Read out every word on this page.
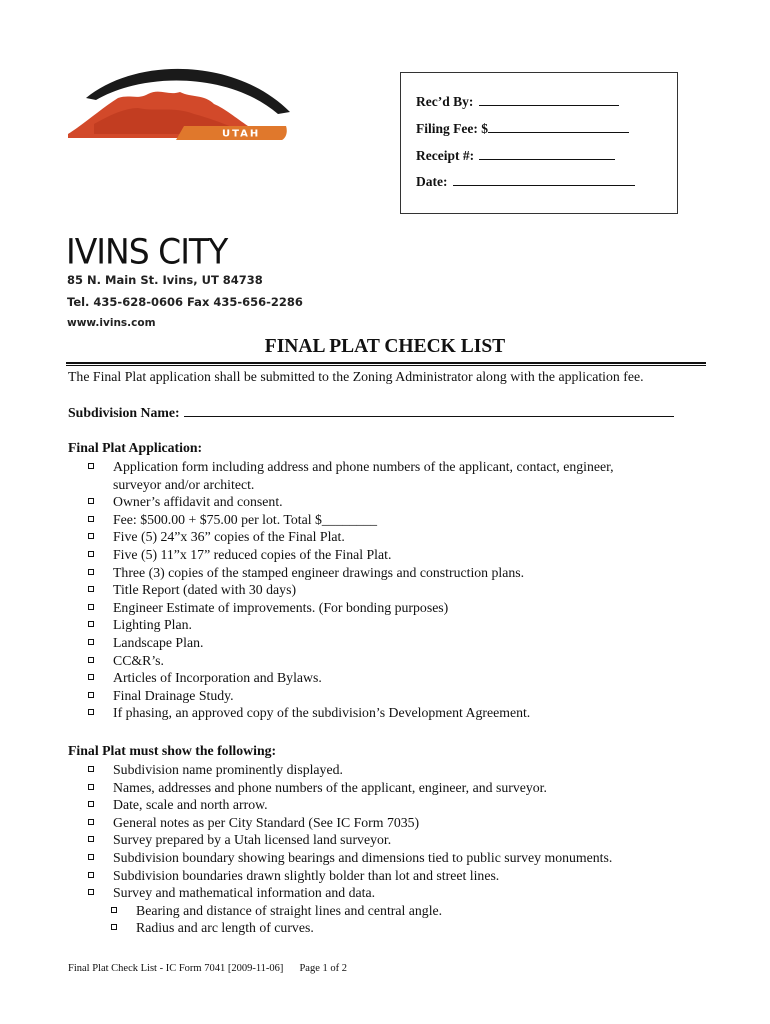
UTAH
Rec’d By:
Filing Fee: $
Receipt #:
Date:
IVINS CITY
85 N. Main St. Ivins, UT 84738
Tel. 435-628-0606 Fax 435-656-2286
www.ivins.com
FINAL PLAT CHECK LIST
The Final Plat application shall be submitted to the Zoning Administrator along with the application fee.
Subdivision Name:
Final Plat Application:
Application form including address and phone numbers of the applicant, contact, engineer,
surveyor and/or architect.
Owner’s affidavit and consent.
Fee: $500.00 + $75.00 per lot. Total $________
Five (5) 24”x 36” copies of the Final Plat.
Five (5) 11”x 17” reduced copies of the Final Plat.
Three (3) copies of the stamped engineer drawings and construction plans.
Title Report (dated with 30 days)
Engineer Estimate of improvements. (For bonding purposes)
Lighting Plan.
Landscape Plan.
CC&R’s.
Articles of Incorporation and Bylaws.
Final Drainage Study.
If phasing, an approved copy of the subdivision’s Development Agreement.
Final Plat must show the following:
Subdivision name prominently displayed.
Names, addresses and phone numbers of the applicant, engineer, and surveyor.
Date, scale and north arrow.
General notes as per City Standard (See IC Form 7035)
Survey prepared by a Utah licensed land surveyor.
Subdivision boundary showing bearings and dimensions tied to public survey monuments.
Subdivision boundaries drawn slightly bolder than lot and street lines.
Survey and mathematical information and data.
Bearing and distance of straight lines and central angle.
Radius and arc length of curves.
Final Plat Check List - IC Form 7041 [2009-11-06] Page 1 of 2
